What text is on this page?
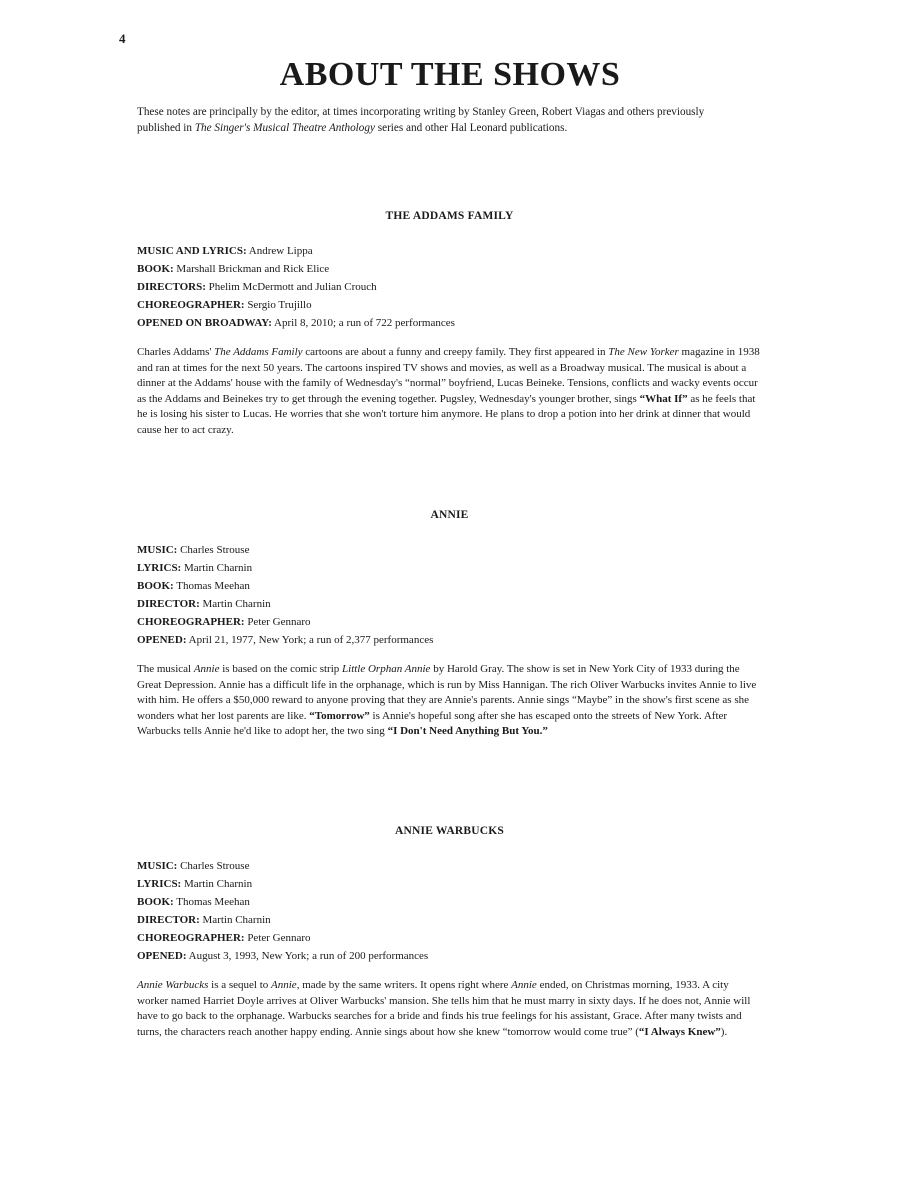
4
ABOUT THE SHOWS

These notes are principally by the editor, at times incorporating writing by Stanley Green, Robert Viagas and others previously published in The Singer's Musical Theatre Anthology series and other Hal Leonard publications.

THE ADDAMS FAMILY

MUSIC AND LYRICS: Andrew Lippa

BOOK: Marshall Brickman and Rick Elice

DIRECTORS: Phelim McDermott and Julian Crouch

CHOREOGRAPHER: Sergio Trujillo

OPENED ON BROADWAY: April 8, 2010; a run of 722 performances

Charles Addams' The Addams Family cartoons are about a funny and creepy family. They first appeared in The New Yorker magazine in 1938 and ran at times for the next 50 years. The cartoons inspired TV shows and movies, as well as a Broadway musical. The musical is about a dinner at the Addams' house with the family of Wednesday's “normal” boyfriend, Lucas Beineke. Tensions, conflicts and wacky events occur as the Addams and Beinekes try to get through the evening together. Pugsley, Wednesday's younger brother, sings “What If” as he feels that he is losing his sister to Lucas. He worries that she won't torture him anymore. He plans to drop a potion into her drink at dinner that would cause her to act crazy.

ANNIE

MUSIC: Charles Strouse

LYRICS: Martin Charnin

BOOK: Thomas Meehan

DIRECTOR: Martin Charnin

CHOREOGRAPHER: Peter Gennaro

OPENED: April 21, 1977, New York; a run of 2,377 performances

The musical Annie is based on the comic strip Little Orphan Annie by Harold Gray. The show is set in New York City of 1933 during the Great Depression. Annie has a difficult life in the orphanage, which is run by Miss Hannigan. The rich Oliver Warbucks invites Annie to live with him. He offers a $50,000 reward to anyone proving that they are Annie's parents. Annie sings “Maybe” in the show's first scene as she wonders what her lost parents are like. “Tomorrow” is Annie's hopeful song after she has escaped onto the streets of New York. After Warbucks tells Annie he'd like to adopt her, the two sing “I Don't Need Anything But You.”

ANNIE WARBUCKS

MUSIC: Charles Strouse

LYRICS: Martin Charnin

BOOK: Thomas Meehan

DIRECTOR: Martin Charnin

CHOREOGRAPHER: Peter Gennaro

OPENED: August 3, 1993, New York; a run of 200 performances

Annie Warbucks is a sequel to Annie, made by the same writers. It opens right where Annie ended, on Christmas morning, 1933. A city worker named Harriet Doyle arrives at Oliver Warbucks' mansion. She tells him that he must marry in sixty days. If he does not, Annie will have to go back to the orphanage. Warbucks searches for a bride and finds his true feelings for his assistant, Grace. After many twists and turns, the characters reach another happy ending. Annie sings about how she knew “tomorrow would come true” (“I Always Knew”).
